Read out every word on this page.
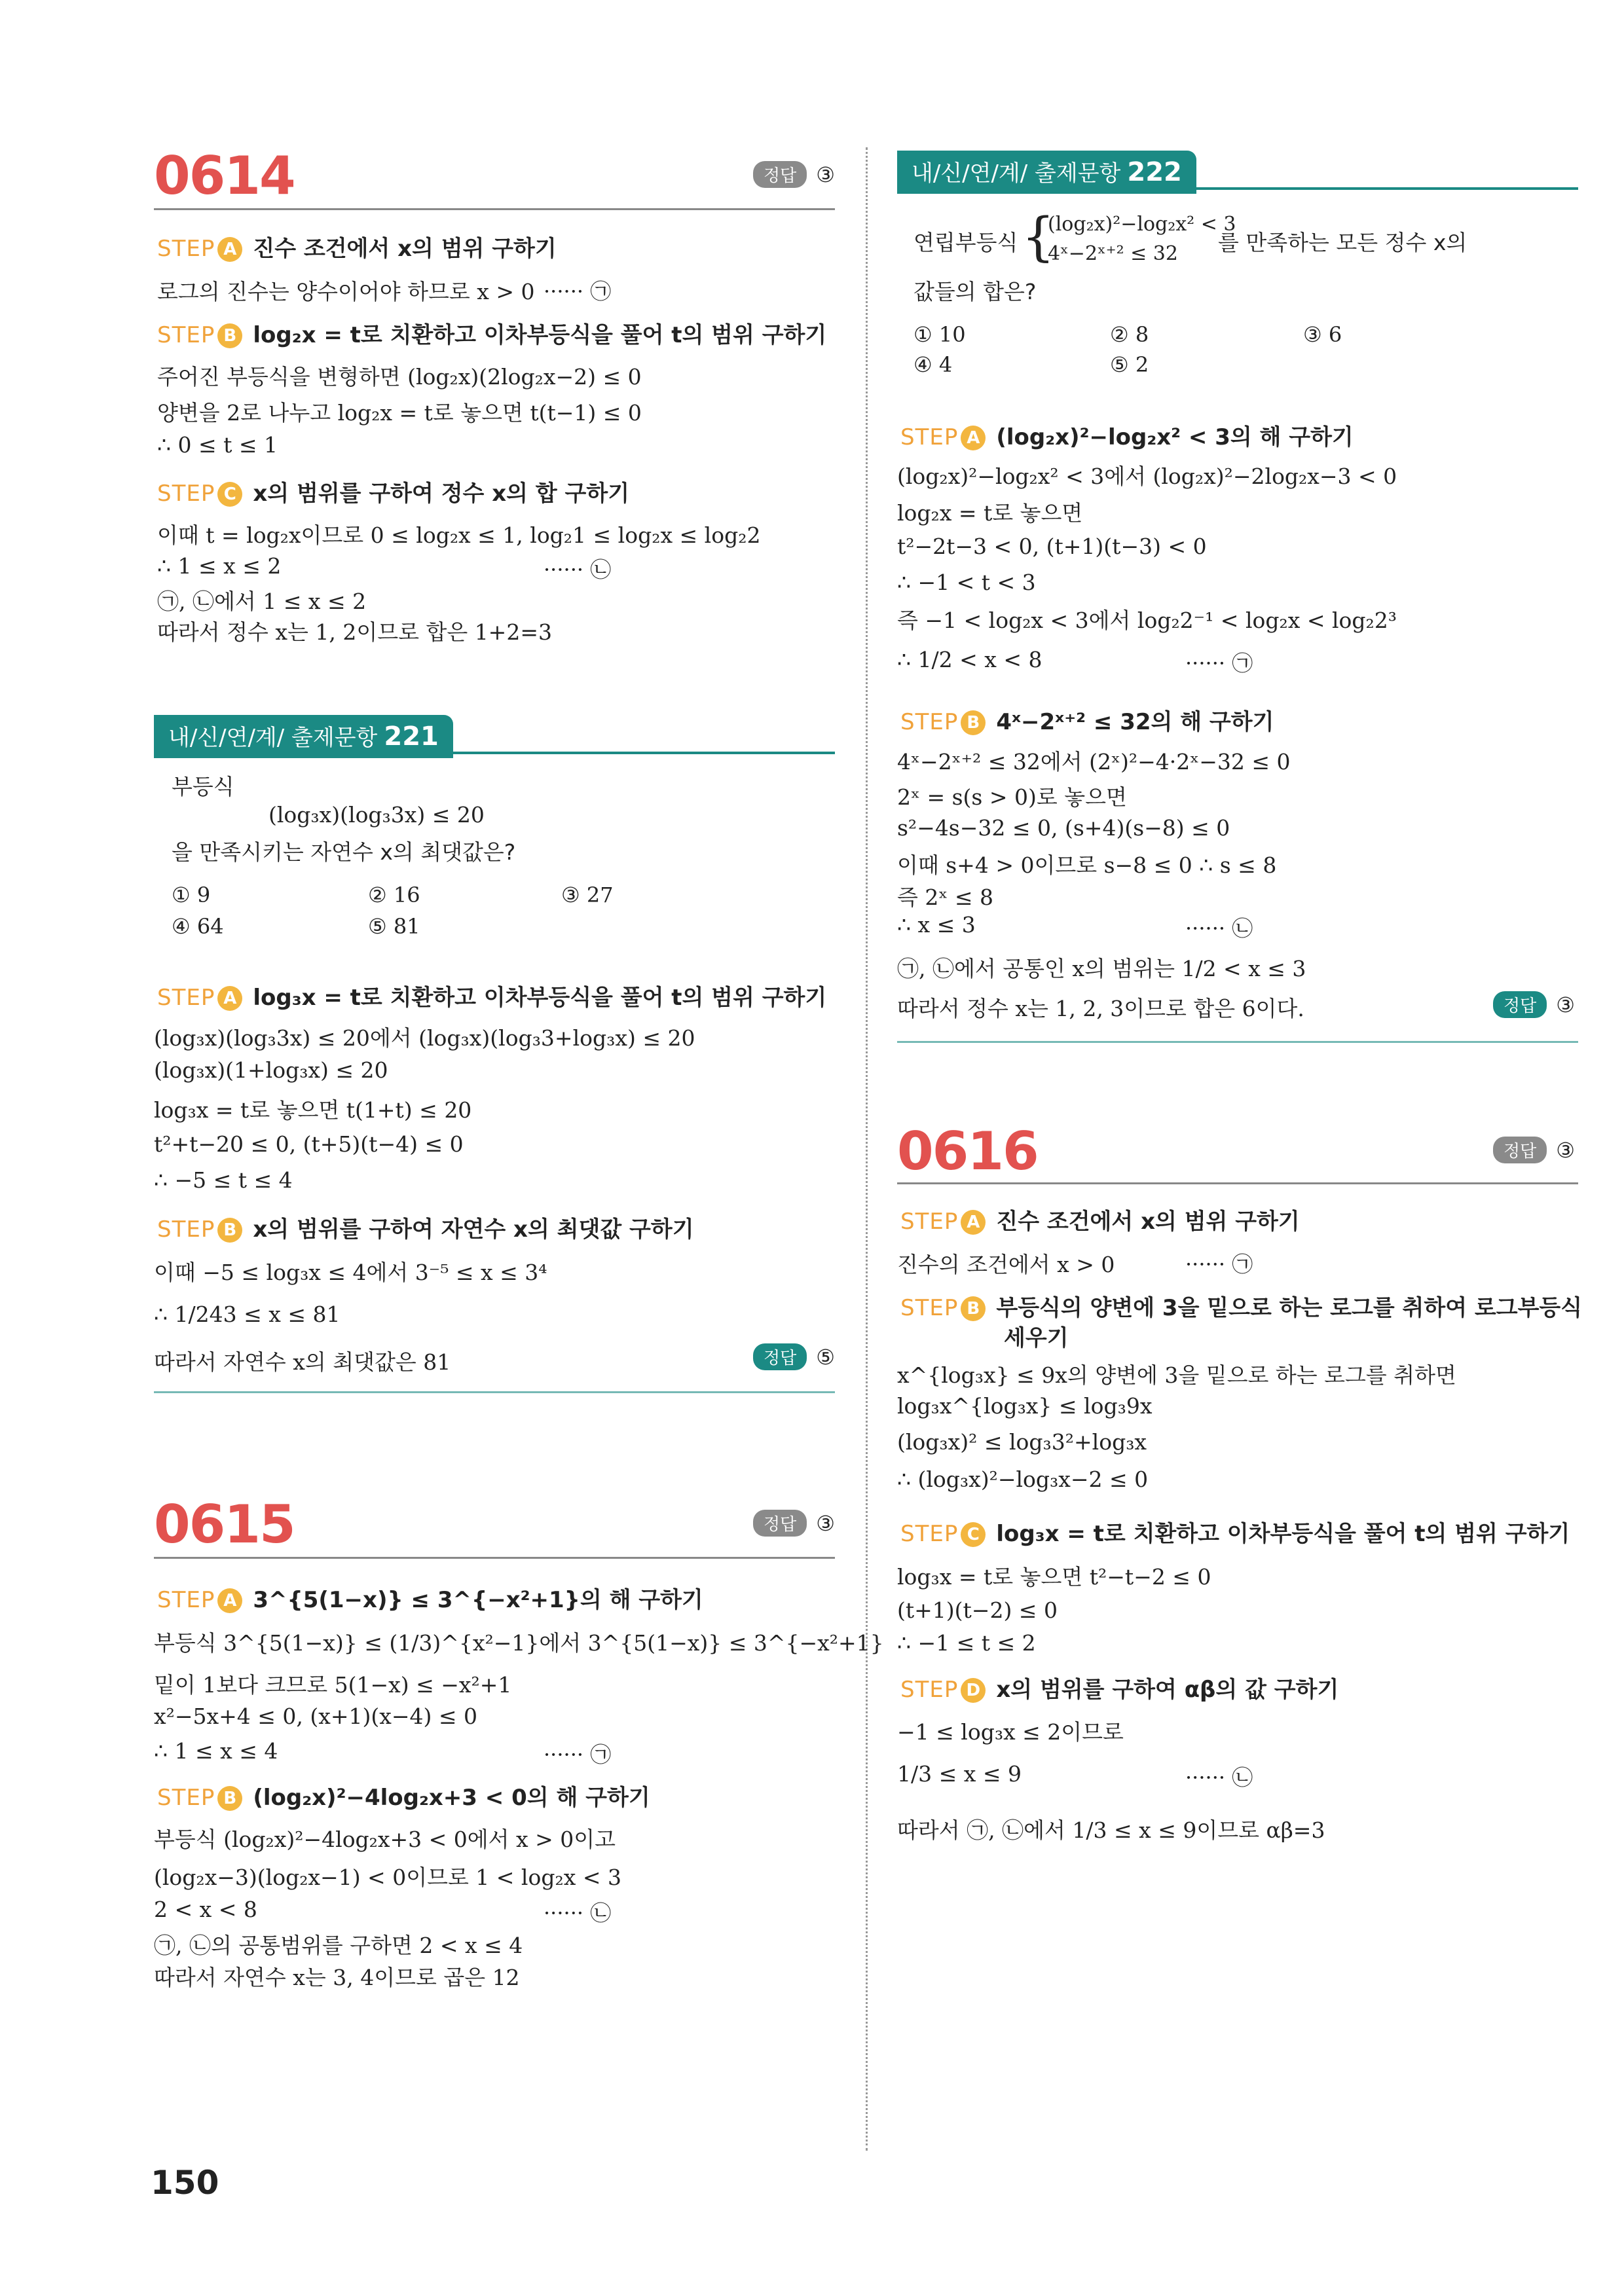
0614	정답 ③
STEP A 진수 조건에서 x의 범위 구하기
로그의 진수는 양수이어야 하므로 x > 0 ······ ㉠
STEP B log₂x = t로 치환하고 이차부등식을 풀어 t의 범위 구하기
주어진 부등식을 변형하면 (log₂x)(2log₂x−2) ≤ 0
양변을 2로 나누고 log₂x = t로 놓으면 t(t−1) ≤ 0
∴ 0 ≤ t ≤ 1
STEP C x의 범위를 구하여 정수 x의 합 구하기
이때 t = log₂x이므로 0 ≤ log₂x ≤ 1, log₂1 ≤ log₂x ≤ log₂2
∴ 1 ≤ x ≤ 2	······ ㉡
㉠, ㉡에서 1 ≤ x ≤ 2
따라서 정수 x는 1, 2이므로 합은 1+2=3
내/신/연/계/ 출제문항 221
부등식
(log₃x)(log₃3x) ≤ 20
을 만족시키는 자연수 x의 최댓값은?
① 9	② 16	③ 27
④ 64	⑤ 81
STEP A log₃x = t로 치환하고 이차부등식을 풀어 t의 범위 구하기
(log₃x)(log₃3x) ≤ 20에서 (log₃x)(log₃3+log₃x) ≤ 20
(log₃x)(1+log₃x) ≤ 20
log₃x = t로 놓으면 t(1+t) ≤ 20
t²+t−20 ≤ 0, (t+5)(t−4) ≤ 0
∴ −5 ≤ t ≤ 4
STEP B x의 범위를 구하여 자연수 x의 최댓값 구하기
이때 −5 ≤ log₃x ≤ 4에서 3⁻⁵ ≤ x ≤ 3⁴
∴ 1/243 ≤ x ≤ 81
따라서 자연수 x의 최댓값은 81	정답 ⑤
0615	정답 ③
STEP A 3^{5(1−x)} ≤ 3^{−x²+1}의 해 구하기
부등식 3^{5(1−x)} ≤ (1/3)^{x²−1}에서 3^{5(1−x)} ≤ 3^{−x²+1}
밑이 1보다 크므로 5(1−x) ≤ −x²+1
x²−5x+4 ≤ 0, (x+1)(x−4) ≤ 0
∴ 1 ≤ x ≤ 4	······ ㉠
STEP B (log₂x)²−4log₂x+3 < 0의 해 구하기
부등식 (log₂x)²−4log₂x+3 < 0에서 x > 0이고
(log₂x−3)(log₂x−1) < 0이므로 1 < log₂x < 3
2 < x < 8	······ ㉡
㉠, ㉡의 공통범위를 구하면 2 < x ≤ 4
따라서 자연수 x는 3, 4이므로 곱은 12
150
내/신/연/계/ 출제문항 222
연립부등식 {
(log₂x)²−log₂x² < 3
4ˣ−2ˣ⁺² ≤ 32 를 만족하는 모든 정수 x의
값들의 합은?
① 10	② 8	③ 6
④ 4	⑤ 2
STEP A (log₂x)²−log₂x² < 3의 해 구하기
(log₂x)²−log₂x² < 3에서 (log₂x)²−2log₂x−3 < 0
log₂x = t로 놓으면
t²−2t−3 < 0, (t+1)(t−3) < 0
∴ −1 < t < 3
즉 −1 < log₂x < 3에서 log₂2⁻¹ < log₂x < log₂2³
∴ 1/2 < x < 8	······ ㉠
STEP B 4ˣ−2ˣ⁺² ≤ 32의 해 구하기
4ˣ−2ˣ⁺² ≤ 32에서 (2ˣ)²−4·2ˣ−32 ≤ 0
2ˣ = s(s > 0)로 놓으면
s²−4s−32 ≤ 0, (s+4)(s−8) ≤ 0
이때 s+4 > 0이므로 s−8 ≤ 0 ∴ s ≤ 8
즉 2ˣ ≤ 8
∴ x ≤ 3	······ ㉡
㉠, ㉡에서 공통인 x의 범위는 1/2 < x ≤ 3
따라서 정수 x는 1, 2, 3이므로 합은 6이다.	정답 ③
0616	정답 ③
STEP A 진수 조건에서 x의 범위 구하기
진수의 조건에서 x > 0	······ ㉠
STEP B 부등식의 양변에 3을 밑으로 하는 로그를 취하여 로그부등식
세우기
x^{log₃x} ≤ 9x의 양변에 3을 밑으로 하는 로그를 취하면
log₃x^{log₃x} ≤ log₃9x
(log₃x)² ≤ log₃3²+log₃x
∴ (log₃x)²−log₃x−2 ≤ 0
STEP C log₃x = t로 치환하고 이차부등식을 풀어 t의 범위 구하기
log₃x = t로 놓으면 t²−t−2 ≤ 0
(t+1)(t−2) ≤ 0
∴ −1 ≤ t ≤ 2
STEP D x의 범위를 구하여 αβ의 값 구하기
−1 ≤ log₃x ≤ 2이므로
1/3 ≤ x ≤ 9	······ ㉡
따라서 ㉠, ㉡에서 1/3 ≤ x ≤ 9이므로 αβ=3
